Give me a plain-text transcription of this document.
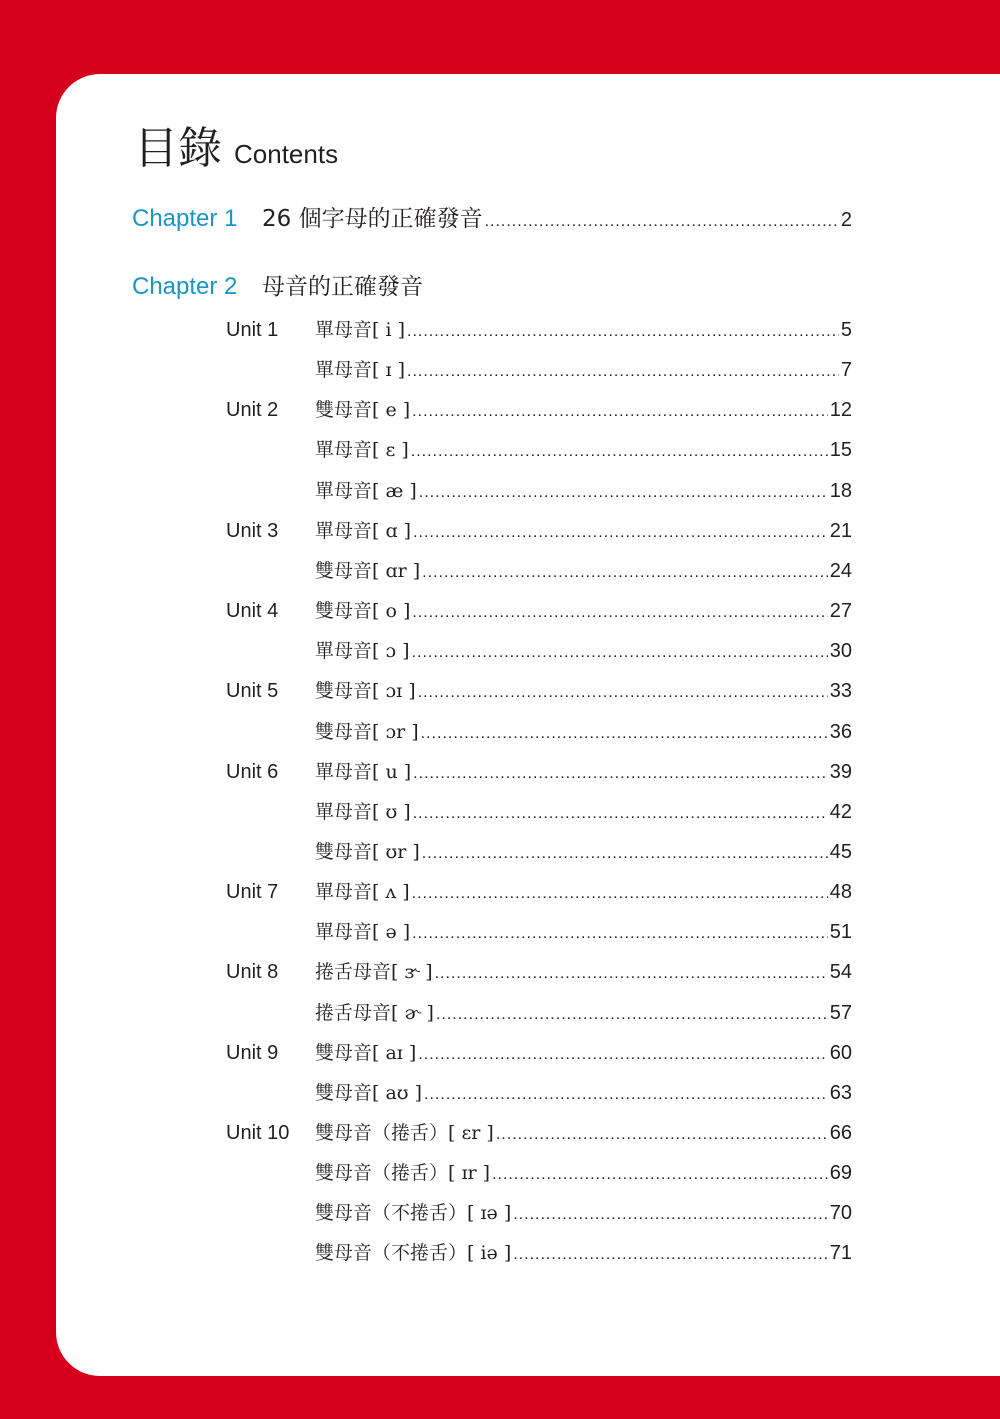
目錄 Contents
Chapter 1	26 個字母的正確發音 .....	2
Chapter 2	母音的正確發音
Unit 1	單母音 [ i ] .....	5
單母音 [ ɪ ] .....	7
Unit 2	雙母音 [ e ] .....	12
單母音 [ ɛ ] .....	15
單母音 [ æ ] .....	18
Unit 3	單母音 [ ɑ ] .....	21
雙母音 [ ɑr ] .....	24
Unit 4	雙母音 [ o ] .....	27
單母音 [ ɔ ] .....	30
Unit 5	雙母音 [ ɔɪ ] .....	33
雙母音 [ ɔr ] .....	36
Unit 6	單母音 [ u ] .....	39
單母音 [ ʊ ] .....	42
雙母音 [ ʊr ] .....	45
Unit 7	單母音 [ ʌ ] .....	48
單母音 [ ə ] .....	51
Unit 8	捲舌母音 [ ɝ ] .....	54
捲舌母音 [ ɚ ] .....	57
Unit 9	雙母音 [ aɪ ] .....	60
雙母音 [ aʊ ] .....	63
Unit 10	雙母音（捲舌） [ ɛr ] .....	66
雙母音（捲舌） [ ɪr ] .....	69
雙母音（不捲舌） [ ɪə ] .....	70
雙母音（不捲舌） [ iə ] .....	71
